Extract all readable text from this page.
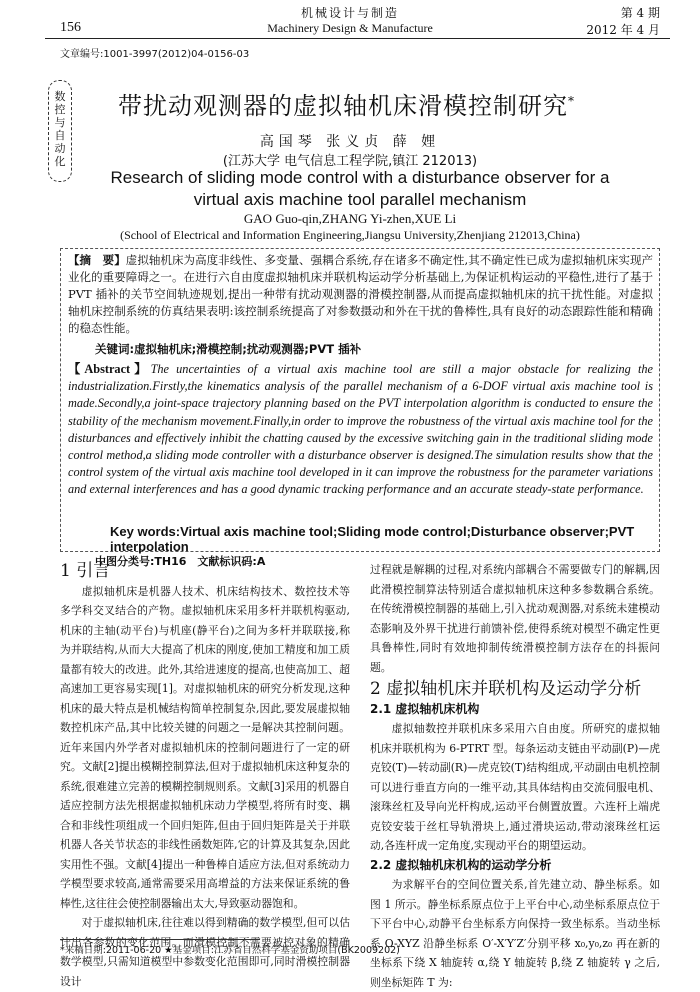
机械设计与制造	第 4 期
156	Machinery Design & Manufacture	2012 年 4 月
文章编号:1001-3997(2012)04-0156-03
数
控
与
自
动
化
带扰动观测器的虚拟轴机床滑模控制研究*
高国琴 张义贞 薛 娌
(江苏大学 电气信息工程学院,镇江 212013)
Research of sliding mode control with a disturbance observer for a virtual axis machine tool parallel mechanism
GAO Guo-qin,ZHANG Yi-zhen,XUE Li
(School of Electrical and Information Engineering,Jiangsu University,Zhenjiang 212013,China)
【摘　要】虚拟轴机床为高度非线性、多变量、强耦合系统,存在诸多不确定性,其不确定性已成为虚拟轴机床实现产业化的重要障碍之一。在进行六自由度虚拟轴机床并联机构运动学分析基础上,为保证机构运动的平稳性,进行了基于 PVT 插补的关节空间轨迹规划,提出一种带有扰动观测器的滑模控制器,从而提高虚拟轴机床的抗干扰性能。对虚拟轴机床控制系统的仿真结果表明:该控制系统提高了对参数摄动和外在干扰的鲁棒性,具有良好的动态跟踪性能和精确的稳态性能。
关键词:虚拟轴机床;滑模控制;扰动观测器;PVT 插补
【Abstract】The uncertainties of a virtual axis machine tool are still a major obstacle for realizing the industrialization.Firstly,the kinematics analysis of the parallel mechanism of a 6-DOF virtual axis machine tool is made.Secondly,a joint-space trajectory planning based on the PVT interpolation algorithm is conducted to ensure the stability of the mechanism movement.Finally,in order to improve the robustness of the virtual axis machine tool for the disturbances and effectively inhibit the chatting caused by the excessive switching gain in the traditional sliding mode control method,a sliding mode controller with a disturbance observer is designed.The simulation results show that the control system of the virtual axis machine tool developed in it can improve the robustness for the parameter variations and external interferences and has a good dynamic tracking performance and an accurate steady-state performance.
Key words:Virtual axis machine tool;Sliding mode control;Disturbance observer;PVT interpolation
中图分类号:TH16　文献标识码:A
1 引言

虚拟轴机床是机器人技术、机床结构技术、数控技术等多学科交叉结合的产物。虚拟轴机床采用多杆并联机构驱动,机床的主轴(动平台)与机座(静平台)之间为多杆并联联接,称为并联结构,从而大大提高了机床的刚度,使加工精度和加工质量都有较大的改进。此外,其给进速度的提高,也使高加工、超高速加工更容易实现[1]。对虚拟轴机床的研究分析发现,这种机床的最大特点是机械结构简单控制复杂,因此,要发展虚拟轴数控机床产品,其中比较关键的问题之一是解决其控制问题。近年来国内外学者对虚拟轴机床的控制问题进行了一定的研究。文献[2]提出模糊控制算法,但对于虚拟轴机床这种复杂的系统,很难建立完善的模糊控制规则系。文献[3]采用的机器自适应控制方法先根据虚拟轴机床动力学模型,将所有时变、耦合和非线性项组成一个回归矩阵,但由于回归矩阵是关于并联机器人各关节状态的非线性函数矩阵,它的计算及其复杂,因此实用性不强。文献[4]提出一种鲁棒自适应方法,但对系统动力学模型要求较高,通常需要采用高增益的方法来保证系统的鲁棒性,这往往会使控制器输出太大,导致驱动器饱和。

对于虚拟轴机床,往往难以得到精确的数学模型,但可以估计出各参数的变化范围。而滑模控制不需要被控对象的精确数学模型,只需知道模型中参数变化范围即可,同时滑模控制器设计

过程就是解耦的过程,对系统内部耦合不需要做专门的解耦,因此滑模控制算法特别适合虚拟轴机床这种多参数耦合系统。在传统滑模控制器的基础上,引入扰动观测器,对系统未建模动态影响及外界干扰进行前馈补偿,使得系统对模型不确定性更具鲁棒性,同时有效地抑制传统滑模控制方法存在的抖振问题。

2 虚拟轴机床并联机构及运动学分析
2.1 虚拟轴机床机构

虚拟轴数控并联机床多采用六自由度。所研究的虚拟轴机床并联机构为 6-PTRT 型。每条运动支链由平动副(P)—虎克铰(T)—转动副(R)—虎克铰(T)结构组成,平动副由电机控制可以进行垂直方向的一维平动,其具体结构由交流伺服电机、滚珠丝杠及导向光杆构成,运动平台侧置放置。六连杆上端虎克铰安装于丝杠导轨滑块上,通过滑块运动,带动滚珠丝杠运动,各连杆成一定角度,实现动平台的期望运动。

2.2 虚拟轴机床机构的运动学分析

为求解平台的空间位置关系,首先建立动、静坐标系。如图 1 所示。静坐标系原点位于上平台中心,动坐标系原点位于下平台中心,动静平台坐标系方向保持一致坐标系。当动坐标系 O-XYZ 沿静坐标系 O′-X′Y′Z′分别平移 x₀,y₀,z₀ 再在新的坐标系下绕 X 轴旋转 α,绕 Y 轴旋转 β,绕 Z 轴旋转 γ 之后,则坐标矩阵 T 为:

*来稿日期:2011-06-20 ★基金项目:江苏省自然科学基金资助项目(BK2009202)
